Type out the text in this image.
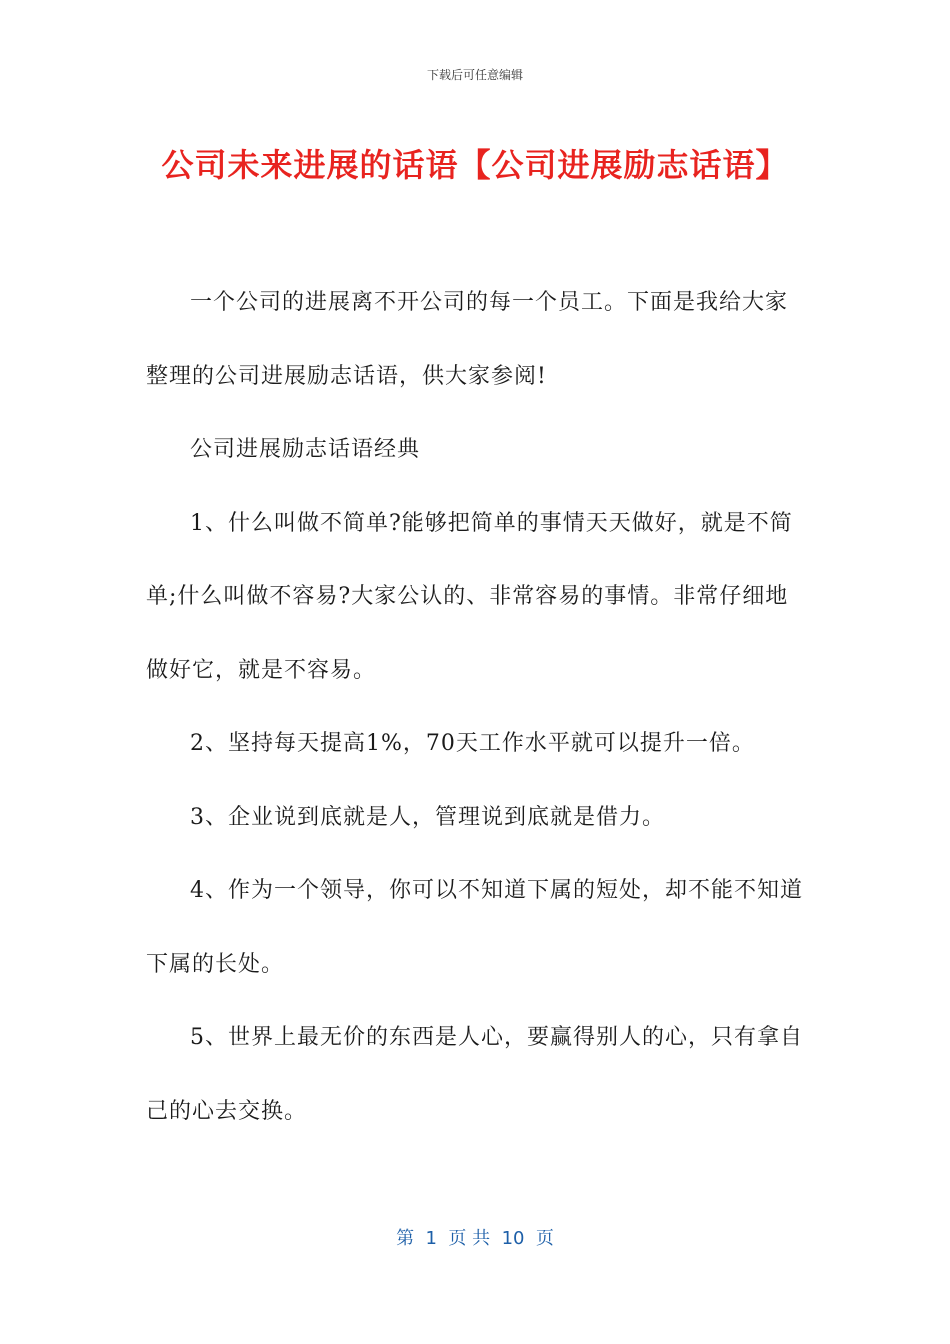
下载后可任意编辑
公司未来进展的话语【公司进展励志话语】

一个公司的进展离不开公司的每一个员工。下面是我给大家整理的公司进展励志话语，供大家参阅!

公司进展励志话语经典

1、什么叫做不简单?能够把简单的事情天天做好，就是不简单;什么叫做不容易?大家公认的、非常容易的事情。非常仔细地做好它，就是不容易。

2、坚持每天提高1%，70天工作水平就可以提升一倍。

3、企业说到底就是人，管理说到底就是借力。

4、作为一个领导，你可以不知道下属的短处，却不能不知道下属的长处。

5、世界上最无价的东西是人心，要赢得别人的心，只有拿自己的心去交换。

第  1  页 共  10  页
